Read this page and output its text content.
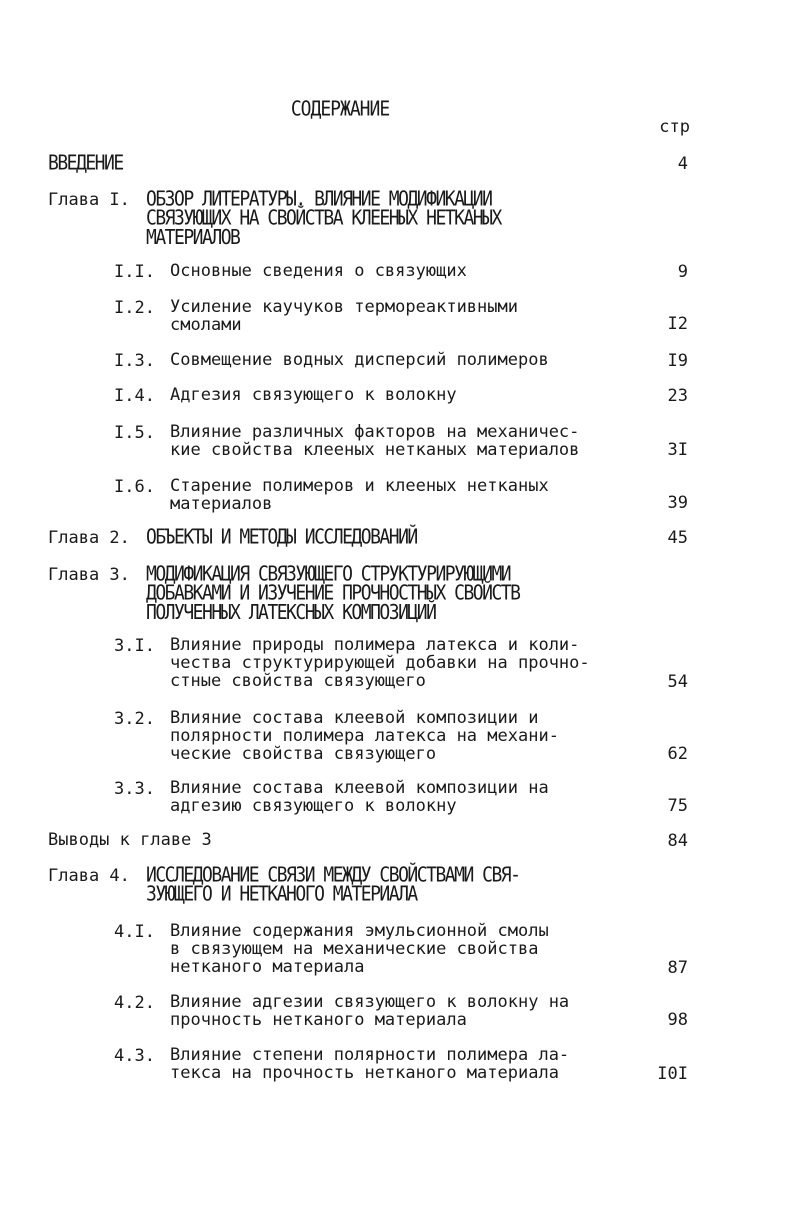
СОДЕРЖАНИЕ
стр
ВВЕДЕНИЕ	4
Глава I. ОБЗОР ЛИТЕРАТУРЫ. ВЛИЯНИЕ МОДИФИКАЦИИ
СВЯЗУЮЩИХ НА СВОЙСТВА КЛЕЕНЫХ НЕТКАНЫХ
МАТЕРИАЛОВ
I.I. Основные сведения о связующих	9
I.2. Усиление каучуков термореактивными
смолами	I2
I.3. Совмещение водных дисперсий полимеров	I9
I.4. Адгезия связующего к волокну	23
I.5. Влияние различных факторов на механичес-
кие свойства клееных нетканых материалов	3I
I.6. Старение полимеров и клееных нетканых
материалов	39
Глава 2. ОБЪЕКТЫ И МЕТОДЫ ИССЛЕДОВАНИЙ	45
Глава 3. МОДИФИКАЦИЯ СВЯЗУЮЩЕГО СТРУКТУРИРУЮЩИМИ
ДОБАВКАМИ И ИЗУЧЕНИЕ ПРОЧНОСТНЫХ СВОЙСТВ
ПОЛУЧЕННЫХ ЛАТЕКСНЫХ КОМПОЗИЦИЙ
3.I. Влияние природы полимера латекса и коли-
чества структурирующей добавки на прочно-
стные свойства связующего	54
3.2. Влияние состава клеевой композиции и
полярности полимера латекса на механи-
ческие свойства связующего	62
3.3. Влияние состава клеевой композиции на
адгезию связующего к волокну	75
Выводы к главе 3	84
Глава 4. ИССЛЕДОВАНИЕ СВЯЗИ МЕЖДУ СВОЙСТВАМИ СВЯ-
ЗУЮЩЕГО И НЕТКАНОГО МАТЕРИАЛА
4.I. Влияние содержания эмульсионной смолы
в связующем на механические свойства
нетканого материала	87
4.2. Влияние адгезии связующего к волокну на
прочность нетканого материала	98
4.3. Влияние степени полярности полимера ла-
текса на прочность нетканого материала	I0I
